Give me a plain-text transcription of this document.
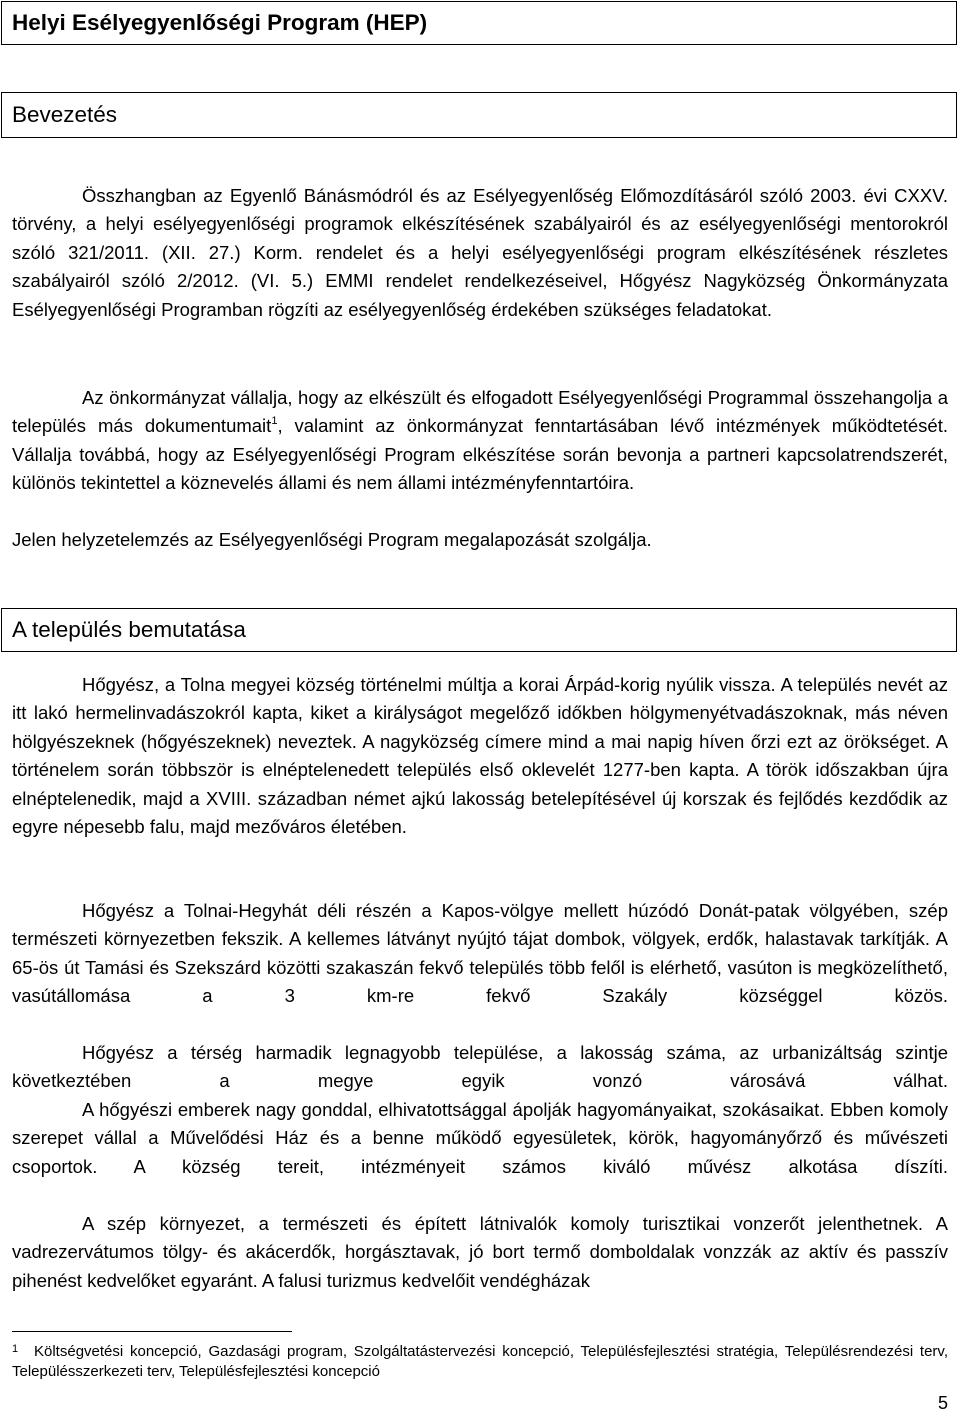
Helyi Esélyegyenlőségi Program (HEP)
Bevezetés

Összhangban az Egyenlő Bánásmódról és az Esélyegyenlőség Előmozdításáról szóló 2003. évi CXXV. törvény, a helyi esélyegyenlőségi programok elkészítésének szabályairól és az esélyegyenlőségi mentorokról szóló 321/2011. (XII. 27.) Korm. rendelet és a helyi esélyegyenlőségi program elkészítésének részletes szabályairól szóló 2/2012. (VI. 5.) EMMI rendelet rendelkezéseivel, Hőgyész Nagyközség Önkormányzata Esélyegyenlőségi Programban rögzíti az esélyegyenlőség érdekében szükséges feladatokat.

Az önkormányzat vállalja, hogy az elkészült és elfogadott Esélyegyenlőségi Programmal összehangolja a település más dokumentumait$^1$, valamint az önkormányzat fenntartásában lévő intézmények működtetését. Vállalja továbbá, hogy az Esélyegyenlőségi Program elkészítése során bevonja a partneri kapcsolatrendszerét, különös tekintettel a köznevelés állami és nem állami intézményfenntartóira.

Jelen helyzetelemzés az Esélyegyenlőségi Program megalapozását szolgálja.

A település bemutatása

Hőgyész, a Tolna megyei község történelmi múltja a korai Árpád-korig nyúlik vissza. A település nevét az itt lakó hermelinvadászokról kapta, kiket a királyságot megelőző időkben hölgymenyétvadászoknak, más néven hölgyészeknek (hőgyészeknek) neveztek. A nagyközség címere mind a mai napig híven őrzi ezt az örökséget. A történelem során többször is elnéptelenedett település első oklevelét 1277-ben kapta. A török időszakban újra elnéptelenedik, majd a XVIII. században német ajkú lakosság betelepítésével új korszak és fejlődés kezdődik az egyre népesebb falu, majd mezőváros életében.

Hőgyész a Tolnai-Hegyhát déli részén a Kapos-völgye mellett húzódó Donát-patak völgyében, szép természeti környezetben fekszik. A kellemes látványt nyújtó tájat dombok, völgyek, erdők, halastavak tarkítják. A 65-ös út Tamási és Szekszárd közötti szakaszán fekvő település több felől is elérhető, vasúton is megközelíthető, vasútállomása a 3 km-re fekvő Szakály községgel közös.

Hőgyész a térség harmadik legnagyobb települése, a lakosság száma, az urbanizáltság szintje következtében a megye egyik vonzó városává válhat.

A hőgyészi emberek nagy gonddal, elhivatottsággal ápolják hagyományaikat, szokásaikat. Ebben komoly szerepet vállal a Művelődési Ház és a benne működő egyesületek, körök, hagyományőrző és művészeti csoportok. A község tereit, intézményeit számos kiváló művész alkotása díszíti.

A szép környezet, a természeti és épített látnivalók komoly turisztikai vonzerőt jelenthetnek. A vadrezervátumos tölgy- és akácerdők, horgásztavak, jó bort termő domboldalak vonzzák az aktív és passzív pihenést kedvelőket egyaránt. A falusi turizmus kedvelőit vendégházak

1	Költségvetési koncepció, Gazdasági program, Szolgáltatástervezési koncepció, Településfejlesztési stratégia, Településrendezési terv, Településszerkezeti terv, Településfejlesztési koncepció

5
